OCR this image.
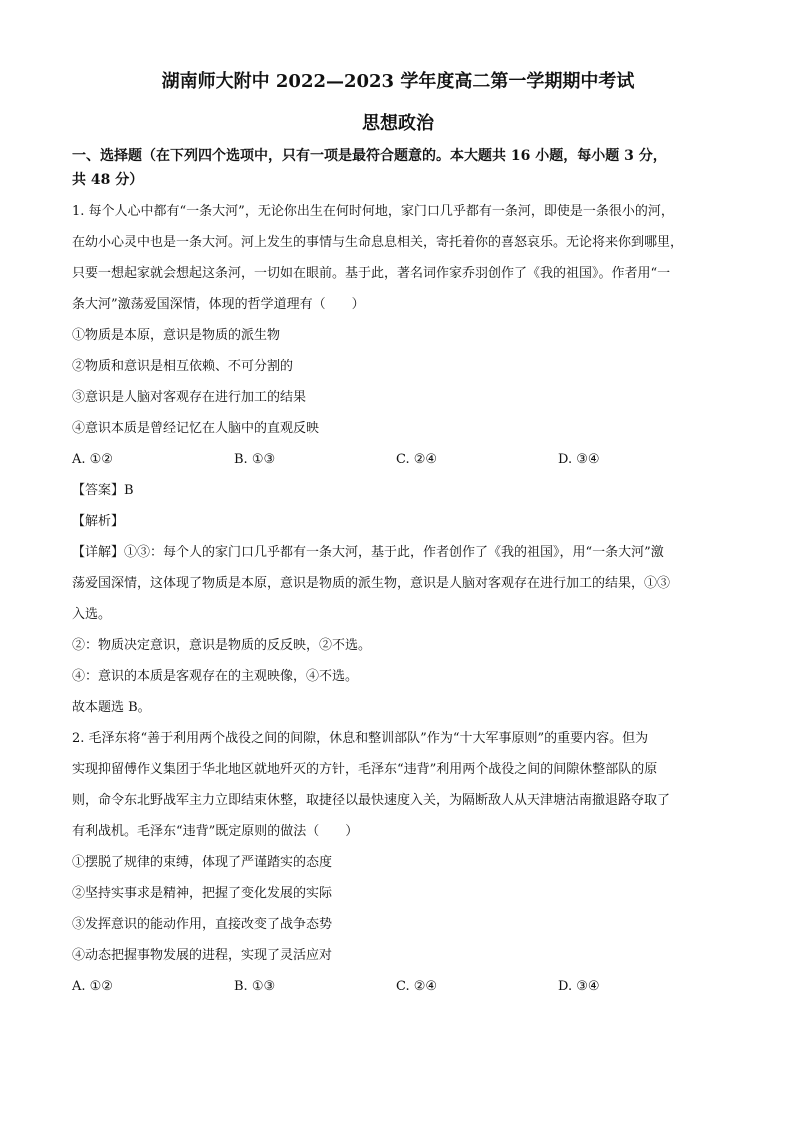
湖南师大附中 2022—2023 学年度高二第一学期期中考试
思想政治
一、选择题（在下列四个选项中，只有一项是最符合题意的。本大题共 16 小题，每小题 3 分，
共 48 分）

1. 每个人心中都有“一条大河”，无论你出生在何时何地，家门口几乎都有一条河，即使是一条很小的河，

在幼小心灵中也是一条大河。河上发生的事情与生命息息相关，寄托着你的喜怒哀乐。无论将来你到哪里，

只要一想起家就会想起这条河，一切如在眼前。基于此，著名词作家乔羽创作了《我的祖国》。作者用“一

条大河”激荡爱国深情，体现的哲学道理有（　　）

①物质是本原，意识是物质的派生物

②物质和意识是相互依赖、不可分割的

③意识是人脑对客观存在进行加工的结果

④意识本质是曾经记忆在人脑中的直观反映

A. ①②	B. ①③	C. ②④	D. ③④

【答案】B

【解析】

【详解】①③：每个人的家门口几乎都有一条大河，基于此，作者创作了《我的祖国》，用“一条大河”激

荡爱国深情，这体现了物质是本原，意识是物质的派生物，意识是人脑对客观存在进行加工的结果，①③

入选。

②：物质决定意识，意识是物质的反反映，②不选。

④：意识的本质是客观存在的主观映像，④不选。

故本题选 B。

2. 毛泽东将“善于利用两个战役之间的间隙，休息和整训部队”作为“十大军事原则”的重要内容。但为

实现抑留傅作义集团于华北地区就地歼灭的方针，毛泽东“违背”利用两个战役之间的间隙休整部队的原

则，命令东北野战军主力立即结束休整，取捷径以最快速度入关，为隔断敌人从天津塘沽南撤退路夺取了

有利战机。毛泽东“违背”既定原则的做法（　　）

①摆脱了规律的束缚，体现了严谨踏实的态度

②坚持实事求是精神，把握了变化发展的实际

③发挥意识的能动作用，直接改变了战争态势

④动态把握事物发展的进程，实现了灵活应对

A. ①②	B. ①③	C. ②④	D. ③④
